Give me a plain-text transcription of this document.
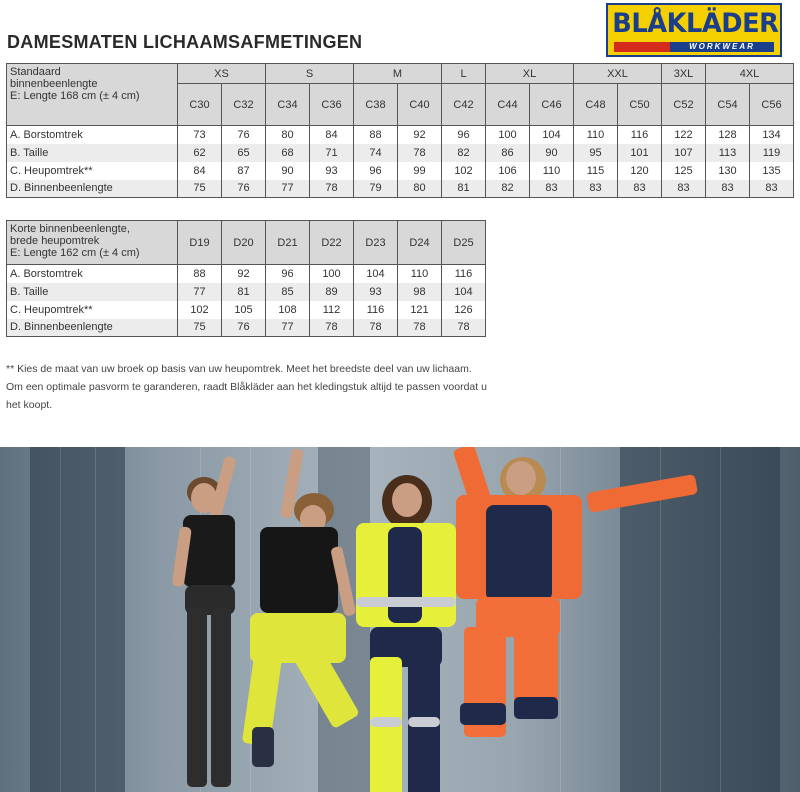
DAMESMATEN LICHAAMSAFMETINGEN
BLÅKLÄDER
WORKWEAR
Standaard
binnenbeenlengte
E: Lengte 168 cm (± 4 cm)	XS		S		M		L	XL		XXL		3XL	4XL	
	C30	C32	C34	C36	C38	C40	C42	C44	C46	C48	C50	C52	C54	C56
A. Borstomtrek	73	76	80	84	88	92	96	100	104	110	116	122	128	134
B. Taille	62	65	68	71	74	78	82	86	90	95	101	107	113	119
C. Heupomtrek**	84	87	90	93	96	99	102	106	110	115	120	125	130	135
D. Binnenbeenlengte	75	76	77	78	79	80	81	82	83	83	83	83	83	83
Korte binnenbeenlengte,
brede heupomtrek
E: Lengte 162 cm (± 4 cm)	D19	D20	D21	D22	D23	D24	D25
A. Borstomtrek	88	92	96	100	104	110	116
B. Taille	77	81	85	89	93	98	104
C. Heupomtrek**	102	105	108	112	116	121	126
D. Binnenbeenlengte	75	76	77	78	78	78	78
** Kies de maat van uw broek op basis van uw heupomtrek. Meet het breedste deel van uw lichaam.
Om een optimale pasvorm te garanderen, raadt Blåkläder aan het kledingstuk altijd te passen voordat u
het koopt.
